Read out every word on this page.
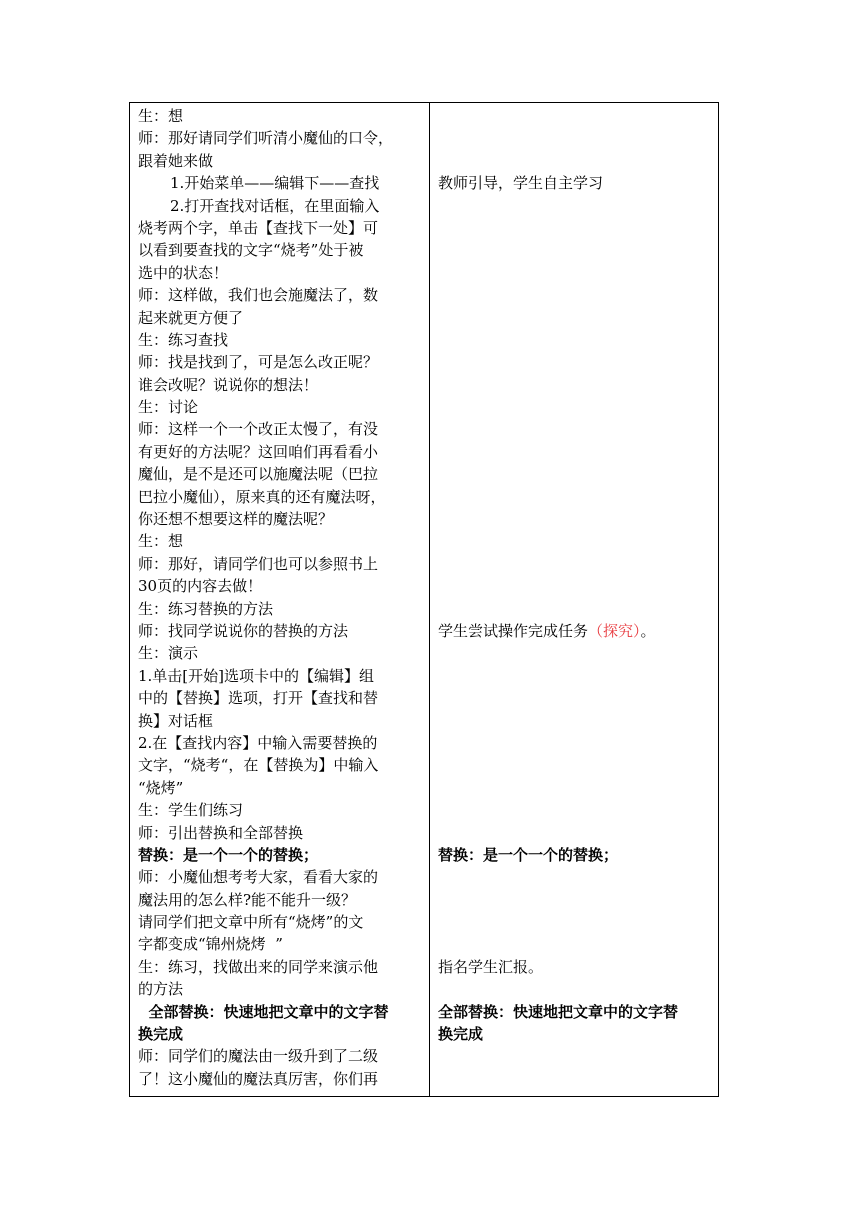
生：想
师：那好请同学们听清小魔仙的口令，
跟着她来做
1.开始菜单——编辑下——查找
2.打开查找对话框，在里面输入
烧考两个字，单击【查找下一处】可
以看到要查找的文字“烧考”处于被
选中的状态！
师：这样做，我们也会施魔法了，数
起来就更方便了
生：练习查找
师：找是找到了，可是怎么改正呢？
谁会改呢？说说你的想法！
生：讨论
师：这样一个一个改正太慢了，有没
有更好的方法呢？这回咱们再看看小
魔仙，是不是还可以施魔法呢（巴拉
巴拉小魔仙），原来真的还有魔法呀，
你还想不想要这样的魔法呢？
生：想
师：那好，请同学们也可以参照书上
30页的内容去做！
生：练习替换的方法
师：找同学说说你的替换的方法
生：演示
1.单击[开始]选项卡中的【编辑】组
中的【替换】选项，打开【查找和替
换】对话框
2.在【查找内容】中输入需要替换的
文字，“烧考“，在【替换为】中输入
“烧烤”
生：学生们练习
师：引出替换和全部替换
替换：是一个一个的替换；
师：小魔仙想考考大家，看看大家的
魔法用的怎么样?能不能升一级？
请同学们把文章中所有“烧烤”的文
字都变成“锦州烧烤  ”
生：练习，找做出来的同学来演示他
的方法
全部替换：快速地把文章中的文字替
换完成
师：同学们的魔法由一级升到了二级
了！这小魔仙的魔法真厉害，你们再
教师引导，学生自主学习
学生尝试操作完成任务（探究）。
替换：是一个一个的替换；
指名学生汇报。
全部替换：快速地把文章中的文字替
换完成
